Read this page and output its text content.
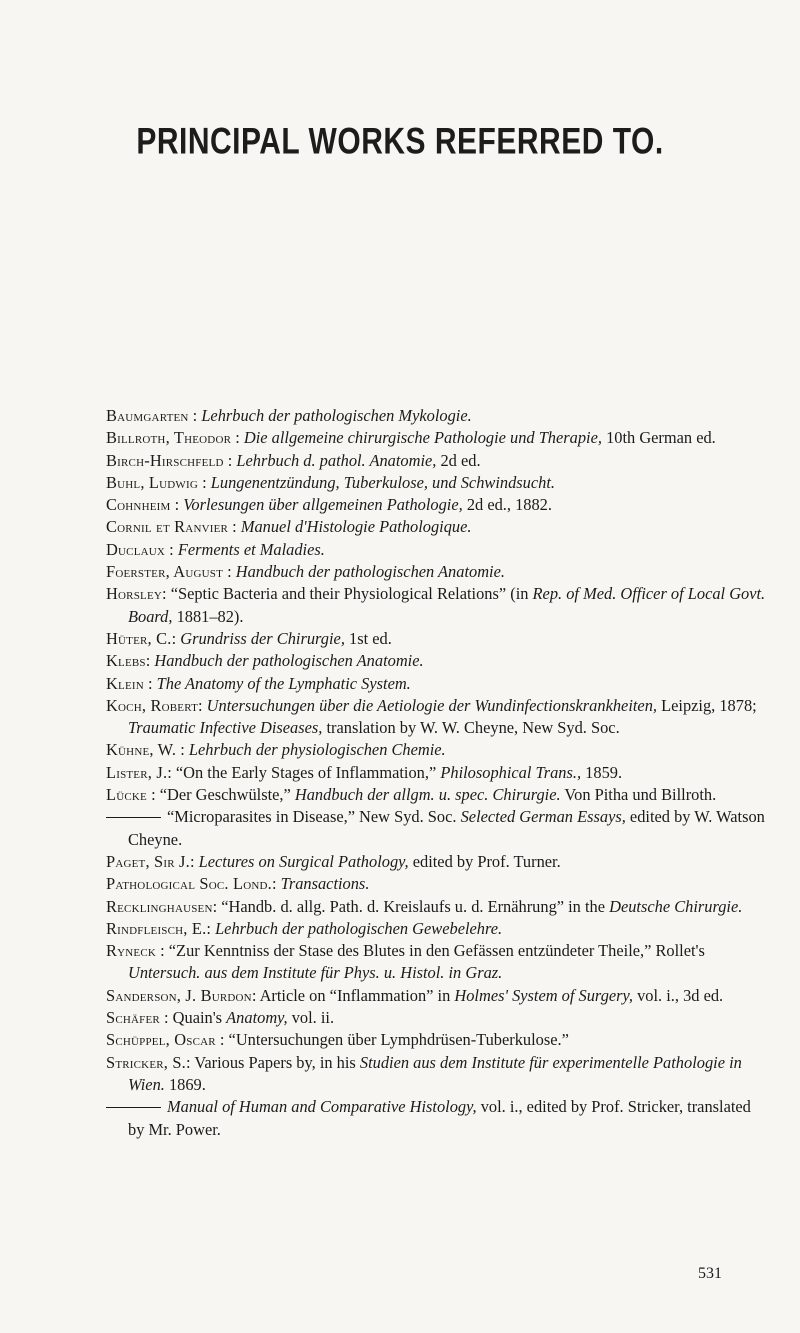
PRINCIPAL WORKS REFERRED TO.

Baumgarten : Lehrbuch der pathologischen Mykologie.

Billroth, Theodor : Die allgemeine chirurgische Pathologie und Therapie, 10th German ed.

Birch-Hirschfeld : Lehrbuch d. pathol. Anatomie, 2d ed.

Buhl, Ludwig : Lungenentzündung, Tuberkulose, und Schwindsucht.

Cohnheim : Vorlesungen über allgemeinen Pathologie, 2d ed., 1882.

Cornil et Ranvier : Manuel d'Histologie Pathologique.

Duclaux : Ferments et Maladies.

Foerster, August : Handbuch der pathologischen Anatomie.

Horsley: “Septic Bacteria and their Physiological Relations” (in Rep. of Med. Officer of Local Govt. Board, 1881–82).

Hüter, C.: Grundriss der Chirurgie, 1st ed.

Klebs: Handbuch der pathologischen Anatomie.

Klein : The Anatomy of the Lymphatic System.

Koch, Robert: Untersuchungen über die Aetiologie der Wundinfectionskrankheiten, Leipzig, 1878; Traumatic Infective Diseases, translation by W. W. Cheyne, New Syd. Soc.

Kühne, W. : Lehrbuch der physiologischen Chemie.

Lister, J.: “On the Early Stages of Inflammation,” Philosophical Trans., 1859.

Lücke : “Der Geschwülste,” Handbuch der allgm. u. spec. Chirurgie. Von Pitha und Billroth.

“Microparasites in Disease,” New Syd. Soc. Selected German Essays, edited by W. Watson Cheyne.

Paget, Sir J.: Lectures on Surgical Pathology, edited by Prof. Turner.

Pathological Soc. Lond.: Transactions.

Recklinghausen: “Handb. d. allg. Path. d. Kreislaufs u. d. Ernährung” in the Deutsche Chirurgie.

Rindfleisch, E.: Lehrbuch der pathologischen Gewebelehre.

Ryneck : “Zur Kenntniss der Stase des Blutes in den Gefässen entzündeter Theile,” Rollet's Untersuch. aus dem Institute für Phys. u. Histol. in Graz.

Sanderson, J. Burdon: Article on “Inflammation” in Holmes' System of Surgery, vol. i., 3d ed.

Schäfer : Quain's Anatomy, vol. ii.

Schüppel, Oscar : “Untersuchungen über Lymphdrüsen-Tuberkulose.”

Stricker, S.: Various Papers by, in his Studien aus dem Institute für experimentelle Pathologie in Wien. 1869.

Manual of Human and Comparative Histology, vol. i., edited by Prof. Stricker, translated by Mr. Power.

531
